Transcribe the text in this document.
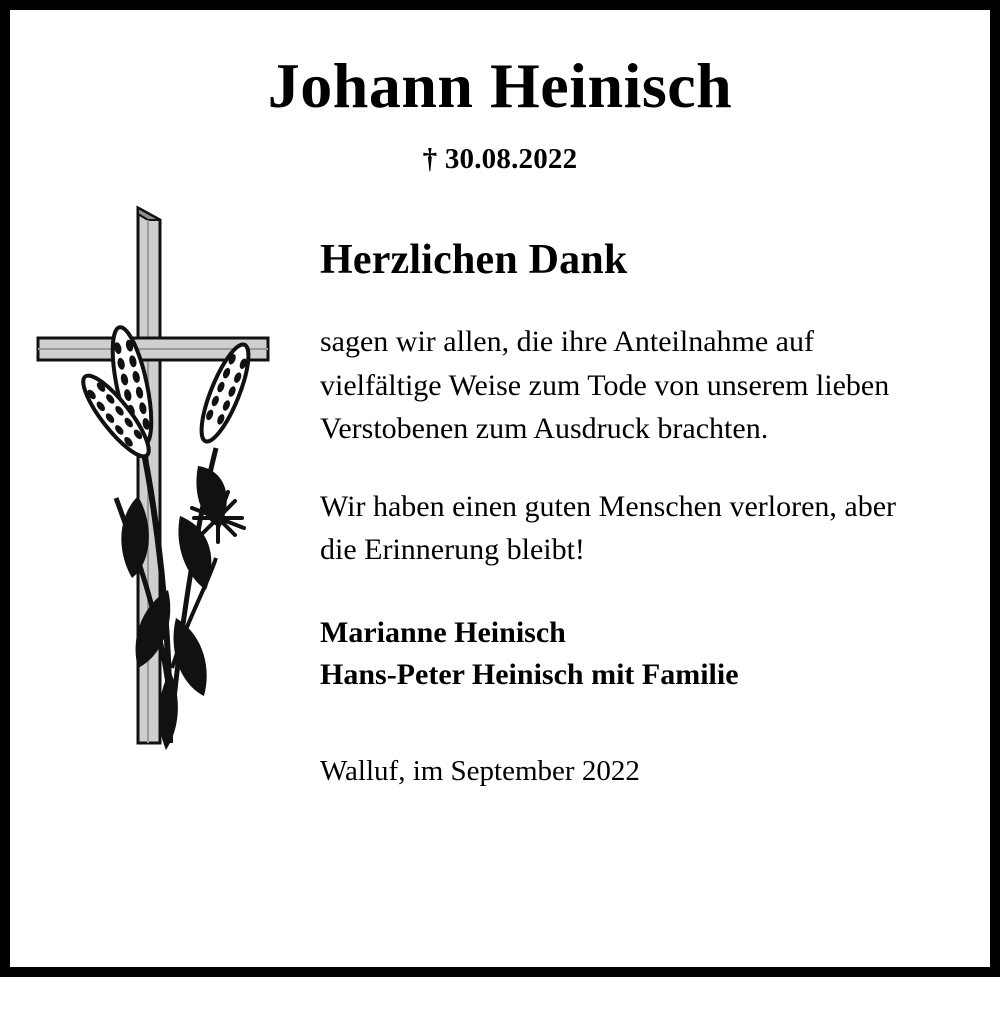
Johann Heinisch
† 30.08.2022
Herzlichen Dank

sagen wir allen, die ihre Anteilnahme auf vielfältige Weise zum Tode von unserem lieben Verstobenen zum Ausdruck brachten.

Wir haben einen guten Menschen verloren, aber die Erinnerung bleibt!

Marianne Heinisch
Hans-Peter Heinisch mit Familie
Walluf, im September 2022
